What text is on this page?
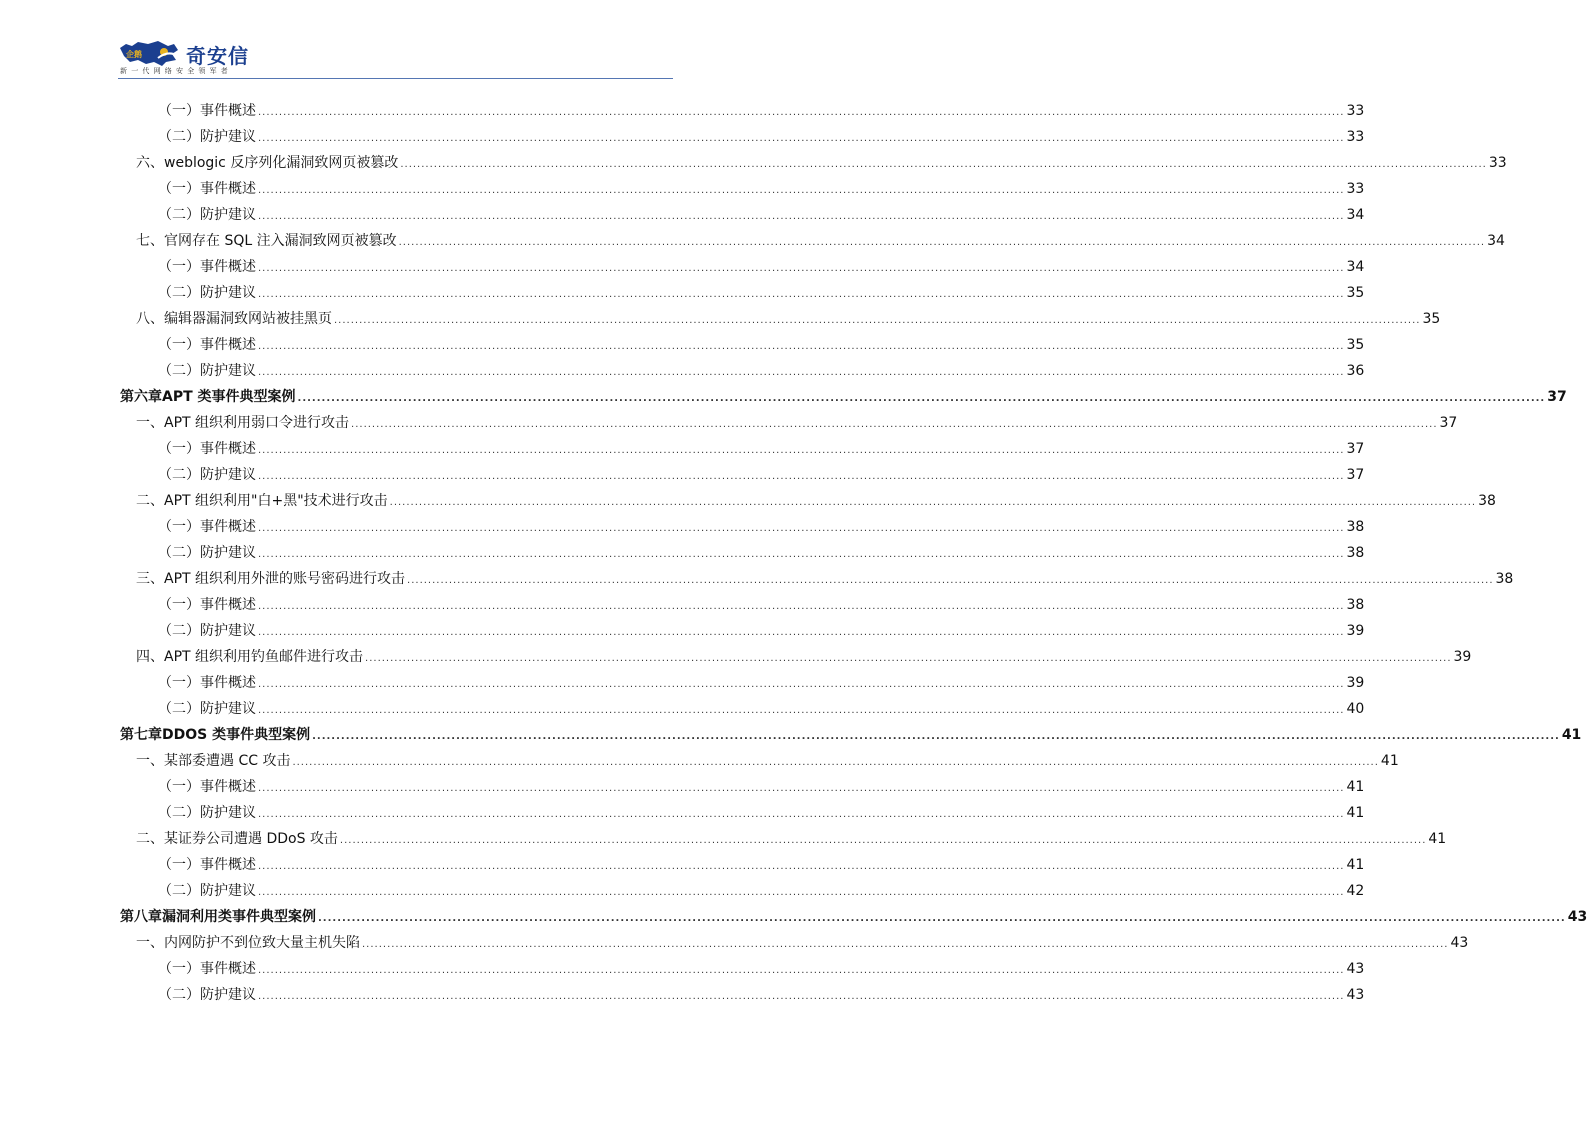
企鹅 奇安信
新一代网络安全领军者
（一） 事件概述 .................................................................................................................................................................................................................................................................... 33
（二） 防护建议 .................................................................................................................................................................................................................................................................... 33
六、 weblogic 反序列化漏洞致网页被篡改 .................................................................................................................................................................................................................................................................... 33
（一） 事件概述 .................................................................................................................................................................................................................................................................... 33
（二） 防护建议 .................................................................................................................................................................................................................................................................... 34
七、 官网存在 SQL 注入漏洞致网页被篡改 .................................................................................................................................................................................................................................................................... 34
（一） 事件概述 .................................................................................................................................................................................................................................................................... 34
（二） 防护建议 .................................................................................................................................................................................................................................................................... 35
八、 编辑器漏洞致网站被挂黑页 .................................................................................................................................................................................................................................................................... 35
（一） 事件概述 .................................................................................................................................................................................................................................................................... 35
（二） 防护建议 .................................................................................................................................................................................................................................................................... 36
第六章 APT 类事件典型案例 .................................................................................................................................................................................................................................................................... 37
一、 APT 组织利用弱口令进行攻击 .................................................................................................................................................................................................................................................................... 37
（一） 事件概述 .................................................................................................................................................................................................................................................................... 37
（二） 防护建议 .................................................................................................................................................................................................................................................................... 37
二、 APT 组织利用"白+黑"技术进行攻击 .................................................................................................................................................................................................................................................................... 38
（一） 事件概述 .................................................................................................................................................................................................................................................................... 38
（二） 防护建议 .................................................................................................................................................................................................................................................................... 38
三、 APT 组织利用外泄的账号密码进行攻击 .................................................................................................................................................................................................................................................................... 38
（一） 事件概述 .................................................................................................................................................................................................................................................................... 38
（二） 防护建议 .................................................................................................................................................................................................................................................................... 39
四、 APT 组织利用钓鱼邮件进行攻击 .................................................................................................................................................................................................................................................................... 39
（一） 事件概述 .................................................................................................................................................................................................................................................................... 39
（二） 防护建议 .................................................................................................................................................................................................................................................................... 40
第七章 DDOS 类事件典型案例 .................................................................................................................................................................................................................................................................... 41
一、 某部委遭遇 CC 攻击 .................................................................................................................................................................................................................................................................... 41
（一） 事件概述 .................................................................................................................................................................................................................................................................... 41
（二） 防护建议 .................................................................................................................................................................................................................................................................... 41
二、 某证券公司遭遇 DDoS 攻击 .................................................................................................................................................................................................................................................................... 41
（一） 事件概述 .................................................................................................................................................................................................................................................................... 41
（二） 防护建议 .................................................................................................................................................................................................................................................................... 42
第八章 漏洞利用类事件典型案例 .................................................................................................................................................................................................................................................................... 43
一、 内网防护不到位致大量主机失陷 .................................................................................................................................................................................................................................................................... 43
（一） 事件概述 .................................................................................................................................................................................................................................................................... 43
（二） 防护建议 .................................................................................................................................................................................................................................................................... 43
